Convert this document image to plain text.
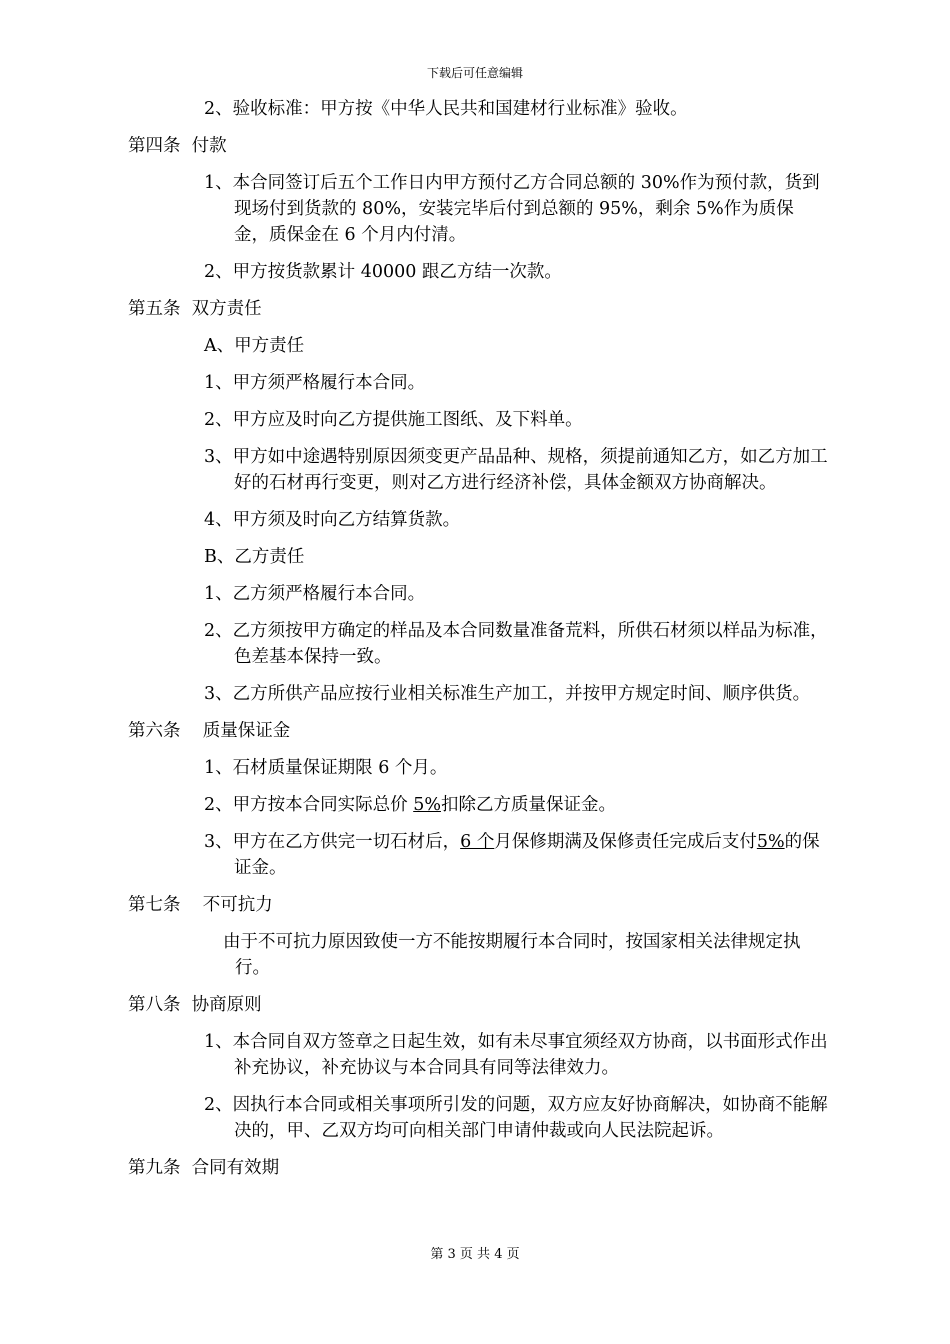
下载后可任意编辑

2、验收标准：甲方按《中华人民共和国建材行业标准》验收。

第四条  付款

1、本合同签订后五个工作日内甲方预付乙方合同总额的 30%作为预付款，货到现场付到货款的 80%，安装完毕后付到总额的 95%，剩余 5%作为质保金，质保金在 6 个月内付清。

2、甲方按货款累计 40000 跟乙方结一次款。

第五条  双方责任

A、甲方责任

1、甲方须严格履行本合同。

2、甲方应及时向乙方提供施工图纸、及下料单。

3、甲方如中途遇特别原因须变更产品品种、规格，须提前通知乙方，如乙方加工好的石材再行变更，则对乙方进行经济补偿，具体金额双方协商解决。

4、甲方须及时向乙方结算货款。

B、乙方责任

1、乙方须严格履行本合同。

2、乙方须按甲方确定的样品及本合同数量准备荒料，所供石材须以样品为标准，色差基本保持一致。

3、乙方所供产品应按行业相关标准生产加工，并按甲方规定时间、顺序供货。

第六条    质量保证金

1、石材质量保证期限 6 个月。

2、甲方按本合同实际总价 5%扣除乙方质量保证金。

3、甲方在乙方供完一切石材后，6 个月保修期满及保修责任完成后支付5%的保证金。

第七条    不可抗力

由于不可抗力原因致使一方不能按期履行本合同时，按国家相关法律规定执行。

第八条  协商原则

1、本合同自双方签章之日起生效，如有未尽事宜须经双方协商，以书面形式作出补充协议，补充协议与本合同具有同等法律效力。

2、因执行本合同或相关事项所引发的问题，双方应友好协商解决，如协商不能解决的，甲、乙双方均可向相关部门申请仲裁或向人民法院起诉。

第九条  合同有效期

第 3 页 共 4 页
